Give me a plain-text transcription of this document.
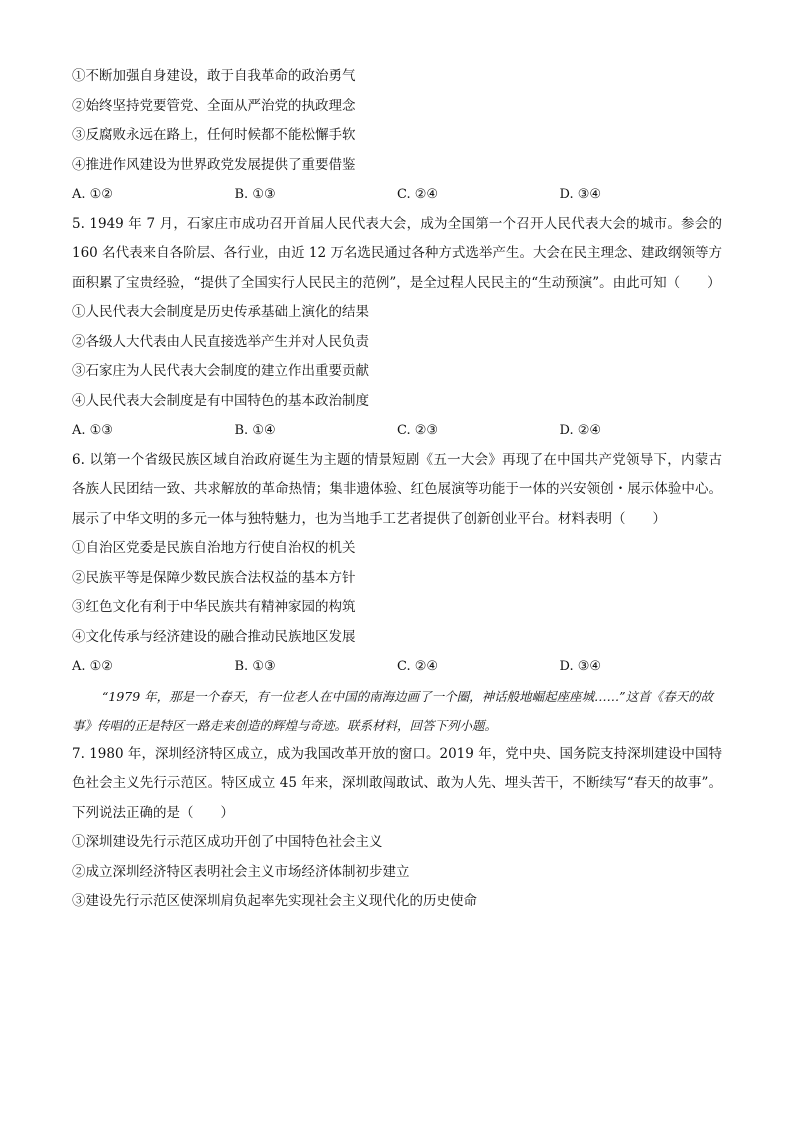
①不断加强自身建设，敢于自我革命的政治勇气
②始终坚持党要管党、全面从严治党的执政理念
③反腐败永远在路上，任何时候都不能松懈手软
④推进作风建设为世界政党发展提供了重要借鉴
A. ①②	B. ①③	C. ②④	D. ③④
5. 1949 年 7 月，石家庄市成功召开首届人民代表大会，成为全国第一个召开人民代表大会的城市。参会的 160 名代表来自各阶层、各行业，由近 12 万名选民通过各种方式选举产生。大会在民主理念、建政纲领等方面积累了宝贵经验，“提供了全国实行人民民主的范例”，是全过程人民民主的“生动预演”。由此可知（　　）
①人民代表大会制度是历史传承基础上演化的结果
②各级人大代表由人民直接选举产生并对人民负责
③石家庄为人民代表大会制度的建立作出重要贡献
④人民代表大会制度是有中国特色的基本政治制度
A. ①③	B. ①④	C. ②③	D. ②④
6. 以第一个省级民族区域自治政府诞生为主题的情景短剧《五一大会》再现了在中国共产党领导下，内蒙古各族人民团结一致、共求解放的革命热情；集非遗体验、红色展演等功能于一体的兴安领创・展示体验中心。展示了中华文明的多元一体与独特魅力，也为当地手工艺者提供了创新创业平台。材料表明（　　）
①自治区党委是民族自治地方行使自治权的机关
②民族平等是保障少数民族合法权益的基本方针
③红色文化有利于中华民族共有精神家园的构筑
④文化传承与经济建设的融合推动民族地区发展
A. ①②	B. ①③	C. ②④	D. ③④
“1979 年，那是一个春天，有一位老人在中国的南海边画了一个圈，神话般地崛起座座城……”这首《春天的故事》传唱的正是特区一路走来创造的辉煌与奇迹。联系材料，回答下列小题。
7. 1980 年，深圳经济特区成立，成为我国改革开放的窗口。2019 年，党中央、国务院支持深圳建设中国特色社会主义先行示范区。特区成立 45 年来，深圳敢闯敢试、敢为人先、埋头苦干，不断续写“春天的故事”。下列说法正确的是（　　）
①深圳建设先行示范区成功开创了中国特色社会主义
②成立深圳经济特区表明社会主义市场经济体制初步建立
③建设先行示范区使深圳肩负起率先实现社会主义现代化的历史使命
